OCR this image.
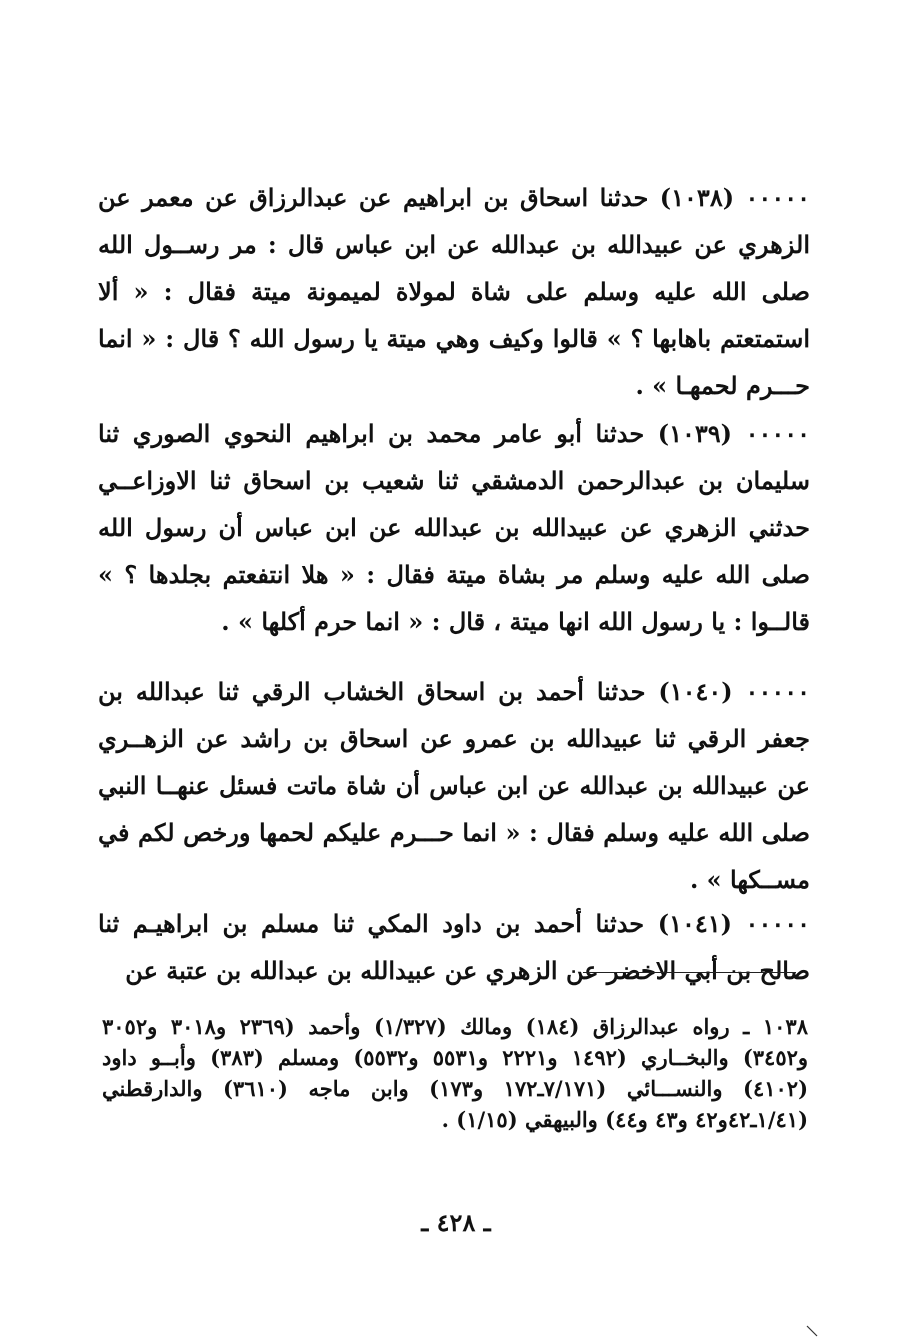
٠٠٠٠٠ (١٠٣٨) حدثنا اسحاق بن ابراهيم عن عبدالرزاق عن معمر عن الزهري عن عبيدالله بن عبدالله عن ابن عباس قال : مر رســول الله صلى الله عليه وسلم على شاة لمولاة لميمونة ميتة فقال : « ألا استمتعتم باهابها ؟ » قالوا وكيف وهي ميتة يا رسول الله ؟ قال : « انما حـــرم لحمهـا » .

٠٠٠٠٠ (١٠٣٩) حدثنا أبو عامر محمد بن ابراهيم النحوي الصوري ثنا سليمان بن عبدالرحمن الدمشقي ثنا شعيب بن اسحاق ثنا الاوزاعــي حدثني الزهري عن عبيدالله بن عبدالله عن ابن عباس أن رسول الله صلى الله عليه وسلم مر بشاة ميتة فقال : « هلا انتفعتم بجلدها ؟ » قالــوا : يا رسول الله انها ميتة ، قال : « انما حرم أكلها » .

٠٠٠٠٠ (١٠٤٠) حدثنا أحمد بن اسحاق الخشاب الرقي ثنا عبدالله بن جعفر الرقي ثنا عبيدالله بن عمرو عن اسحاق بن راشد عن الزهــري عن عبيدالله بن عبدالله عن ابن عباس أن شاة ماتت فسئل عنهــا النبي صلى الله عليه وسلم فقال : « انما حـــرم عليكم لحمها ورخص لكم في مســكها » .

٠٠٠٠٠ (١٠٤١) حدثنا أحمد بن داود المكي ثنا مسلم بن ابراهيـم ثنا صالح بن أبي الاخضر عن الزهري عن عبيدالله بن عبدالله بن عتبة عن

١٠٣٨ ـ رواه عبدالرزاق (١٨٤) ومالك (١/٣٢٧) وأحمد (٢٣٦٩ و٣٠١٨ و٣٠٥٢ و٣٤٥٢) والبخــاري (١٤٩٢ و٢٢٢١ و٥٥٣١ و٥٥٣٢) ومسلم (٣٨٣) وأبــو داود (٤١٠٢) والنســـائي (٧/١٧١ـ١٧٢ و١٧٣) وابن ماجه (٣٦١٠) والدارقطني (١/٤١ـ٤٢و٤٢ و٤٣ و٤٤) والبيهقي (١/١٥) .

ـ ٤٢٨ ـ
